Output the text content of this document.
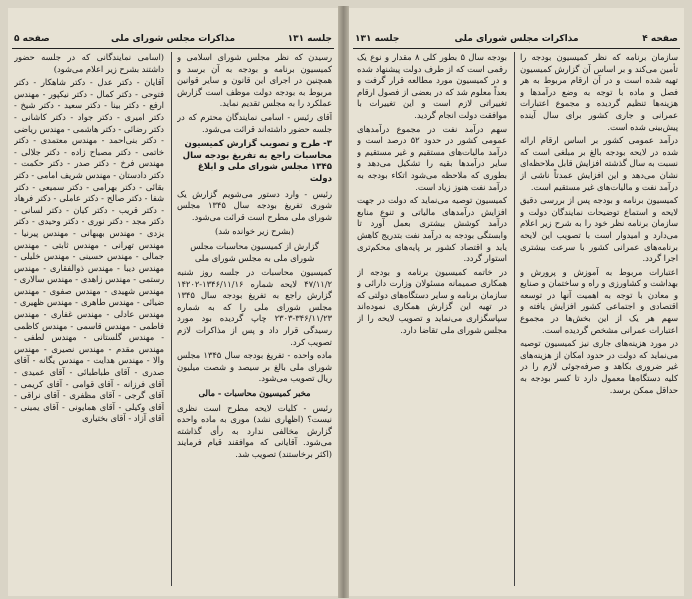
جلسه ۱۳۱
مذاکرات مجلس شورای ملی
صفحه ۵

رسیدن که نظر مجلس شورای اسلامی و کمیسیون برنامه و بودجه به آن برسد و همچنین در اجرای این قانون و سایر قوانین مربوط به بودجه دولت موظف است گزارش عملکرد را به مجلس تقدیم نماید.

آقای رئیس - اسامی نمایندگان محترم که در جلسه حضور داشته‌اند قرائت می‌شود.

۳- طرح و تصویب گزارش کمیسیون محاسبات راجع به تفریغ بودجه سال ۱۳۴۵ مجلس شورای ملی و ابلاغ دولت

رئیس - وارد دستور می‌شویم گزارش یک شوری تفریغ بودجه سال ۱۳۴۵ مجلس شورای ملی مطرح است قرائت می‌شود.

(بشرح زیر خوانده شد)

گزارش از کمیسیون محاسبات مجلس شورای ملی به مجلس شورای ملی

کمیسیون محاسبات در جلسه روز شنبه ۴۷/۱۱/۲ لایحه شماره ۱۳۴۶/۱۱/۱۶-۱۴۲۰۲ گزارش راجع به تفریغ بودجه سال ۱۳۴۵ مجلس شورای ملی را که به شماره ۳۴۶/۱۱/۲۳-۲۳۰۳ چاپ گردیده بود مورد رسیدگی قرار داد و پس از مذاکرات لازم تصویب کرد.

ماده واحده - تفریغ بودجه سال ۱۳۴۵ مجلس شورای ملی بالغ بر سیصد و شصت میلیون ریال تصویب می‌شود.

مخبر کمیسیون محاسبات - مالی

رئیس - کلیات لایحه مطرح است نظری نیست؟ (اظهاری نشد) موری به ماده واحده گزارش مخالفی ندارد به رأی گذاشته می‌شود. آقایانی که موافقند قیام فرمایند (اکثر برخاستند) تصویب شد.

(اسامی نمایندگانی که در جلسه حضور داشتند بشرح زیر اعلام می‌شود)

آقایان - دکتر عدل - دکتر شاهکار - دکتر فتوحی - دکتر کمال - دکتر نیکپور - مهندس ارفع - دکتر بینا - دکتر سعید - دکتر شیخ - دکتر امیری - دکتر جواد - دکتر کاشانی - دکتر رضائی - دکتر هاشمی - مهندس ریاضی - دکتر بنی‌احمد - مهندس معتمدی - دکتر خاتمی - دکتر مصباح زاده - دکتر جلالی - مهندس فرخ - دکتر صدر - دکتر حکمت - دکتر دادستان - مهندس شریف امامی - دکتر بقائی - دکتر بهرامی - دکتر سمیعی - دکتر شفا - دکتر صالح - دکتر عاملی - دکتر فرهاد - دکتر قریب - دکتر کیان - دکتر لسانی - دکتر مجد - دکتر نوری - دکتر وحیدی - دکتر یزدی - مهندس بهبهانی - مهندس پیرنیا - مهندس تهرانی - مهندس ثابتی - مهندس جمالی - مهندس حسینی - مهندس خلیلی - مهندس دیبا - مهندس ذوالفقاری - مهندس رستمی - مهندس زاهدی - مهندس سالاری - مهندس شهیدی - مهندس صفوی - مهندس ضیائی - مهندس طاهری - مهندس ظهیری - مهندس عادلی - مهندس غفاری - مهندس فاطمی - مهندس قاسمی - مهندس کاظمی - مهندس گلستانی - مهندس لطفی - مهندس مقدم - مهندس نصیری - مهندس والا - مهندس هدایت - مهندس یگانه - آقای صدری - آقای طباطبائی - آقای عمیدی - آقای فرزانه - آقای قوامی - آقای کریمی - آقای گرجی - آقای مظفری - آقای نراقی - آقای وکیلی - آقای همایونی - آقای یمینی - آقای آزاد - آقای بختیاری

صفحه ۴
مذاکرات مجلس شورای ملی
جلسه ۱۳۱

سازمان برنامه که نظر کمیسیون بودجه را تأمین می‌کند و بر اساس آن گزارش کمیسیون تهیه شده است و در آن ارقام مربوط به هر فصل و ماده با توجه به وضع درآمدها و هزینه‌ها تنظیم گردیده و مجموع اعتبارات عمرانی و جاری کشور برای سال آینده پیش‌بینی شده است.

درآمد عمومی کشور بر اساس ارقام ارائه شده در لایحه بودجه بالغ بر مبلغی است که نسبت به سال گذشته افزایش قابل ملاحظه‌ای نشان می‌دهد و این افزایش عمدتاً ناشی از درآمد نفت و مالیات‌های غیر مستقیم است.

کمیسیون برنامه و بودجه پس از بررسی دقیق لایحه و استماع توضیحات نمایندگان دولت و سازمان برنامه نظر خود را به شرح زیر اعلام می‌دارد و امیدوار است با تصویب این لایحه برنامه‌های عمرانی کشور با سرعت بیشتری اجرا گردد.

اعتبارات مربوط به آموزش و پرورش و بهداشت و کشاورزی و راه و ساختمان و صنایع و معادن با توجه به اهمیت آنها در توسعه اقتصادی و اجتماعی کشور افزایش یافته و سهم هر یک از این بخش‌ها در مجموع اعتبارات عمرانی مشخص گردیده است.

در مورد هزینه‌های جاری نیز کمیسیون توصیه می‌نماید که دولت در حدود امکان از هزینه‌های غیر ضروری بکاهد و صرفه‌جوئی لازم را در کلیه دستگاه‌ها معمول دارد تا کسر بودجه به حداقل ممکن برسد.

بودجه سال ۵ بطور کلی ۸ مقدار و نوع یک رقمی است که از طرف دولت پیشنهاد شده و در کمیسیون مورد مطالعه قرار گرفت و بعداً معلوم شد که در بعضی از فصول ارقام تغییراتی لازم است و این تغییرات با موافقت دولت انجام گردید.

سهم درآمد نفت در مجموع درآمدهای عمومی کشور در حدود ۵۲ درصد است و درآمد مالیات‌های مستقیم و غیر مستقیم و سایر درآمدها بقیه را تشکیل می‌دهد و بطوری که ملاحظه می‌شود اتکاء بودجه به درآمد نفت هنوز زیاد است.

کمیسیون توصیه می‌نماید که دولت در جهت افزایش درآمدهای مالیاتی و تنوع منابع درآمد کوشش بیشتری بعمل آورد تا وابستگی بودجه به درآمد نفت بتدریج کاهش یابد و اقتصاد کشور بر پایه‌های محکم‌تری استوار گردد.

در خاتمه کمیسیون برنامه و بودجه از همکاری صمیمانه مسئولان وزارت دارائی و سازمان برنامه و سایر دستگاه‌های دولتی که در تهیه این گزارش همکاری نموده‌اند سپاسگزاری می‌نماید و تصویب لایحه را از مجلس شورای ملی تقاضا دارد.
